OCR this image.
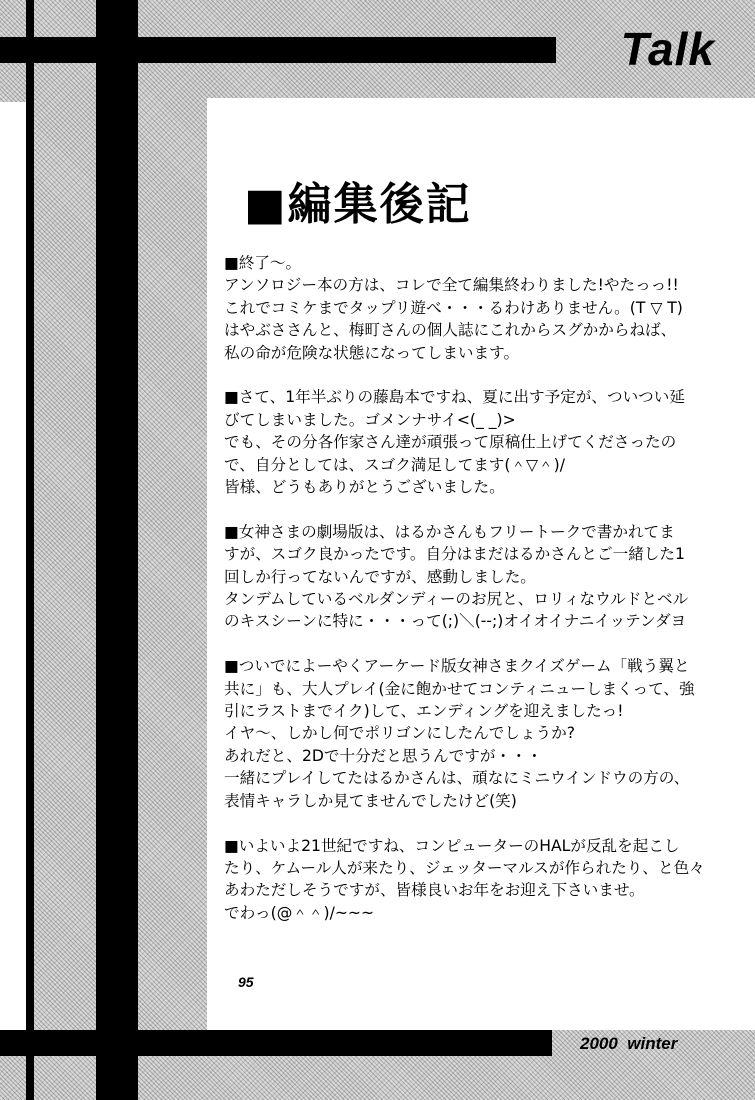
Talk
■編集後記

■終了～。
アンソロジー本の方は、コレで全て編集終わりました!やたっっ!!
これでコミケまでタップリ遊べ・・・るわけありません。(T ▽ T)
はやぶささんと、梅町さんの個人誌にこれからスグかからねば、
私の命が危険な状態になってしまいます。

■さて、1年半ぶりの藤島本ですね、夏に出す予定が、ついつい延
びてしまいました。ゴメンナサイ<(_ _)>
でも、その分各作家さん達が頑張って原稿仕上げてくださったの
で、自分としては、スゴク満足してます(＾▽＾)/
皆様、どうもありがとうございました。

■女神さまの劇場版は、はるかさんもフリートークで書かれてま
すが、スゴク良かったです。自分はまだはるかさんとご一緒した1
回しか行ってないんですが、感動しました。
タンデムしているベルダンディーのお尻と、ロリィなウルドとベル
のキスシーンに特に・・・って(;)＼(--;)オイオイナニイッテンダヨ

■ついでによーやくアーケード版女神さまクイズゲーム「戦う翼と
共に」も、大人プレイ(金に飽かせてコンティニューしまくって、強
引にラストまでイク)して、エンディングを迎えましたっ!
イヤ～、しかし何でポリゴンにしたんでしょうか?
あれだと、2Dで十分だと思うんですが・・・
一緒にプレイしてたはるかさんは、頑なにミニウインドウの方の、
表情キャラしか見てませんでしたけど(笑)

■いよいよ21世紀ですね、コンピューターのHALが反乱を起こし
たり、ケムール人が来たり、ジェッターマルスが作られたり、と色々
あわただしそうですが、皆様良いお年をお迎え下さいませ。
でわっ(@＾＾)/~~~

95
2000 winter
